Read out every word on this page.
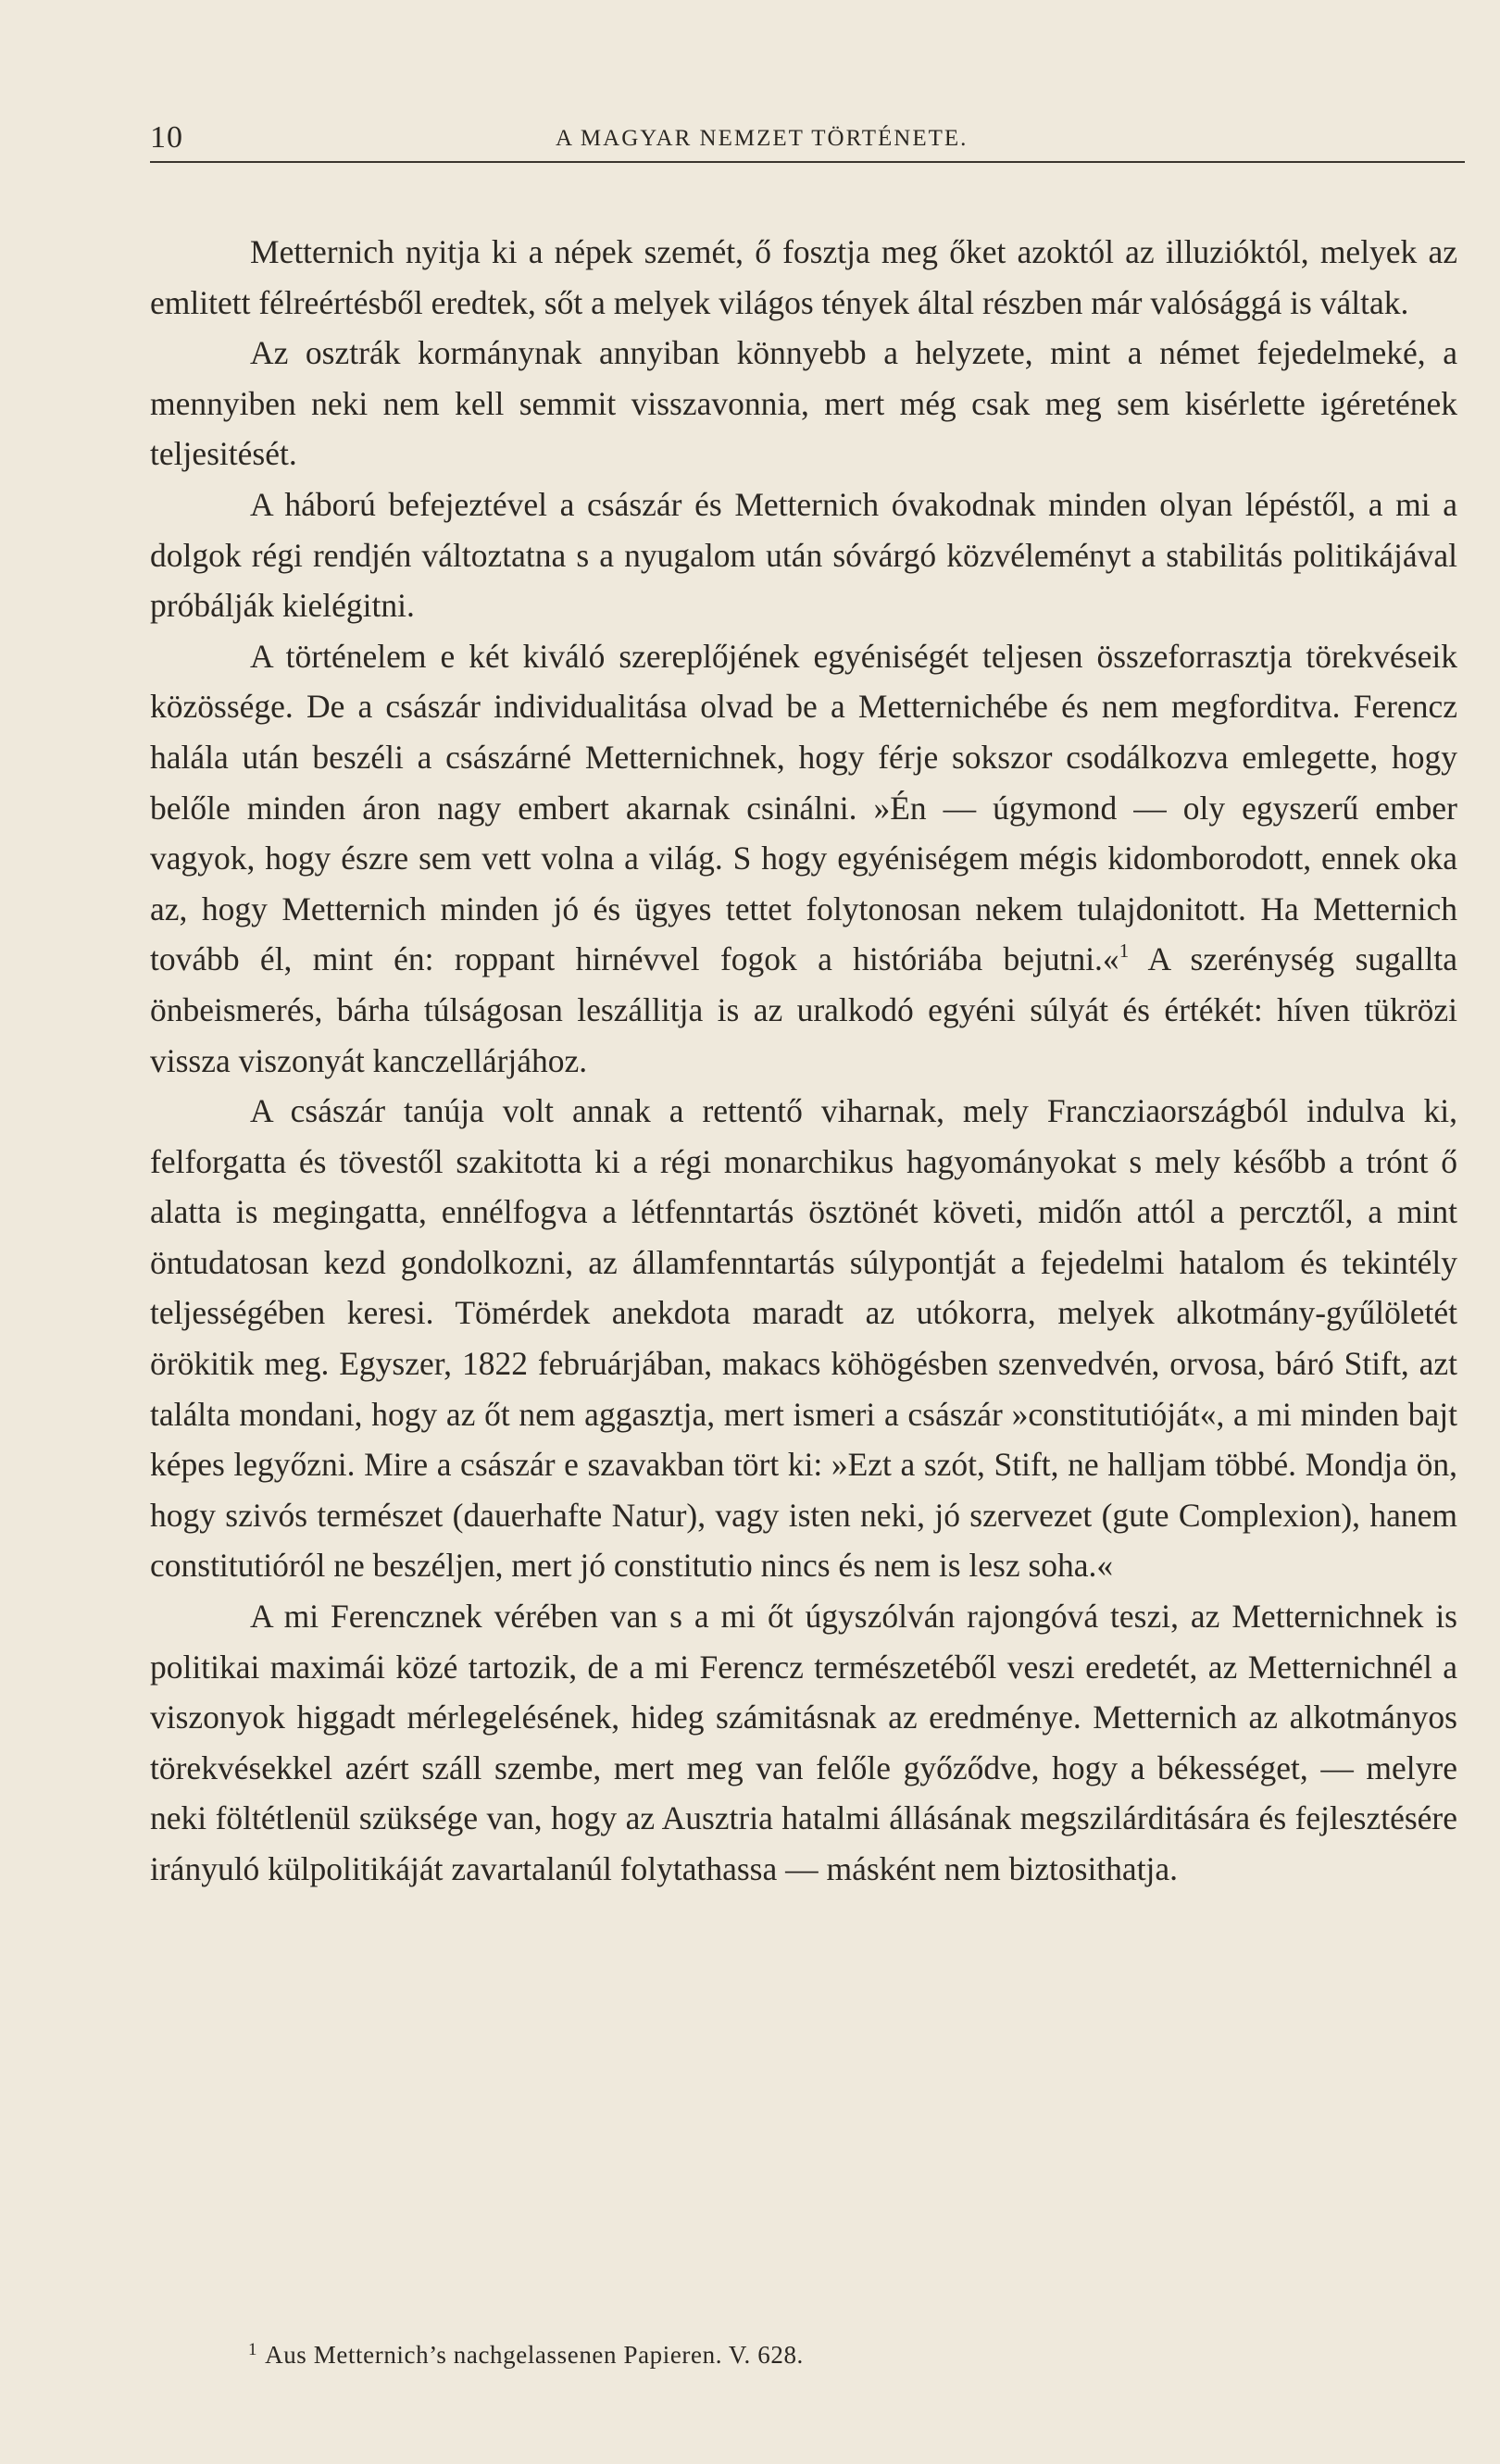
10	A MAGYAR NEMZET TÖRTÉNETE.

Metternich nyitja ki a népek szemét, ő fosztja meg őket azoktól az illuzióktól, melyek az emlitett félreértésből eredtek, sőt a melyek világos tények által részben már valósággá is váltak.

Az osztrák kormánynak annyiban könnyebb a helyzete, mint a német fejedelmeké, a mennyiben neki nem kell semmit visszavonnia, mert még csak meg sem kisérlette igéretének teljesitését.

A háború befejeztével a császár és Metternich óvakodnak minden olyan lépéstől, a mi a dolgok régi rendjén változtatna s a nyugalom után sóvárgó közvéleményt a stabilitás politikájával próbálják kielégitni.

A történelem e két kiváló szereplőjének egyéniségét teljesen összeforrasztja törekvéseik közössége. De a császár individualitása olvad be a Metternichébe és nem megforditva. Ferencz halála után beszéli a császárné Metternichnek, hogy férje sokszor csodálkozva emlegette, hogy belőle minden áron nagy embert akarnak csinálni. »Én — úgymond — oly egyszerű ember vagyok, hogy észre sem vett volna a világ. S hogy egyéniségem mégis kidomborodott, ennek oka az, hogy Metternich minden jó és ügyes tettet folytonosan nekem tulajdonitott. Ha Metternich tovább él, mint én: roppant hirnévvel fogok a históriába bejutni.«$^1$ A szerénység sugallta önbeismerés, bárha túlságosan leszállitja is az uralkodó egyéni súlyát és értékét: híven tükrözi vissza viszonyát kanczellárjához.

A császár tanúja volt annak a rettentő viharnak, mely Francziaországból indulva ki, felforgatta és tövestől szakitotta ki a régi monarchikus hagyományokat s mely később a trónt ő alatta is megingatta, ennélfogva a létfenntartás ösztönét követi, midőn attól a percztől, a mint öntudatosan kezd gondolkozni, az államfenntartás súlypontját a fejedelmi hatalom és tekintély teljességében keresi. Tömérdek anekdota maradt az utókorra, melyek alkotmány-gyűlöletét örökitik meg. Egyszer, 1822 februárjában, makacs köhögésben szenvedvén, orvosa, báró Stift, azt találta mondani, hogy az őt nem aggasztja, mert ismeri a császár »constitutióját«, a mi minden bajt képes legyőzni. Mire a császár e szavakban tört ki: »Ezt a szót, Stift, ne halljam többé. Mondja ön, hogy szivós természet (dauerhafte Natur), vagy isten neki, jó szervezet (gute Complexion), hanem constitutióról ne beszéljen, mert jó constitutio nincs és nem is lesz soha.«

A mi Ferencznek vérében van s a mi őt úgyszólván rajongóvá teszi, az Metternichnek is politikai maximái közé tartozik, de a mi Ferencz természetéből veszi eredetét, az Metternichnél a viszonyok higgadt mérlegelésének, hideg számitásnak az eredménye. Metternich az alkotmányos törekvésekkel azért száll szembe, mert meg van felőle győződve, hogy a békességet, — melyre neki föltétlenül szüksége van, hogy az Ausztria hatalmi állásának megszilárditására és fejlesztésére irányuló külpolitikáját zavartalanúl folytathassa — másként nem biztosithatja.

$^1$ Aus Metternich’s nachgelassenen Papieren. V. 628.
